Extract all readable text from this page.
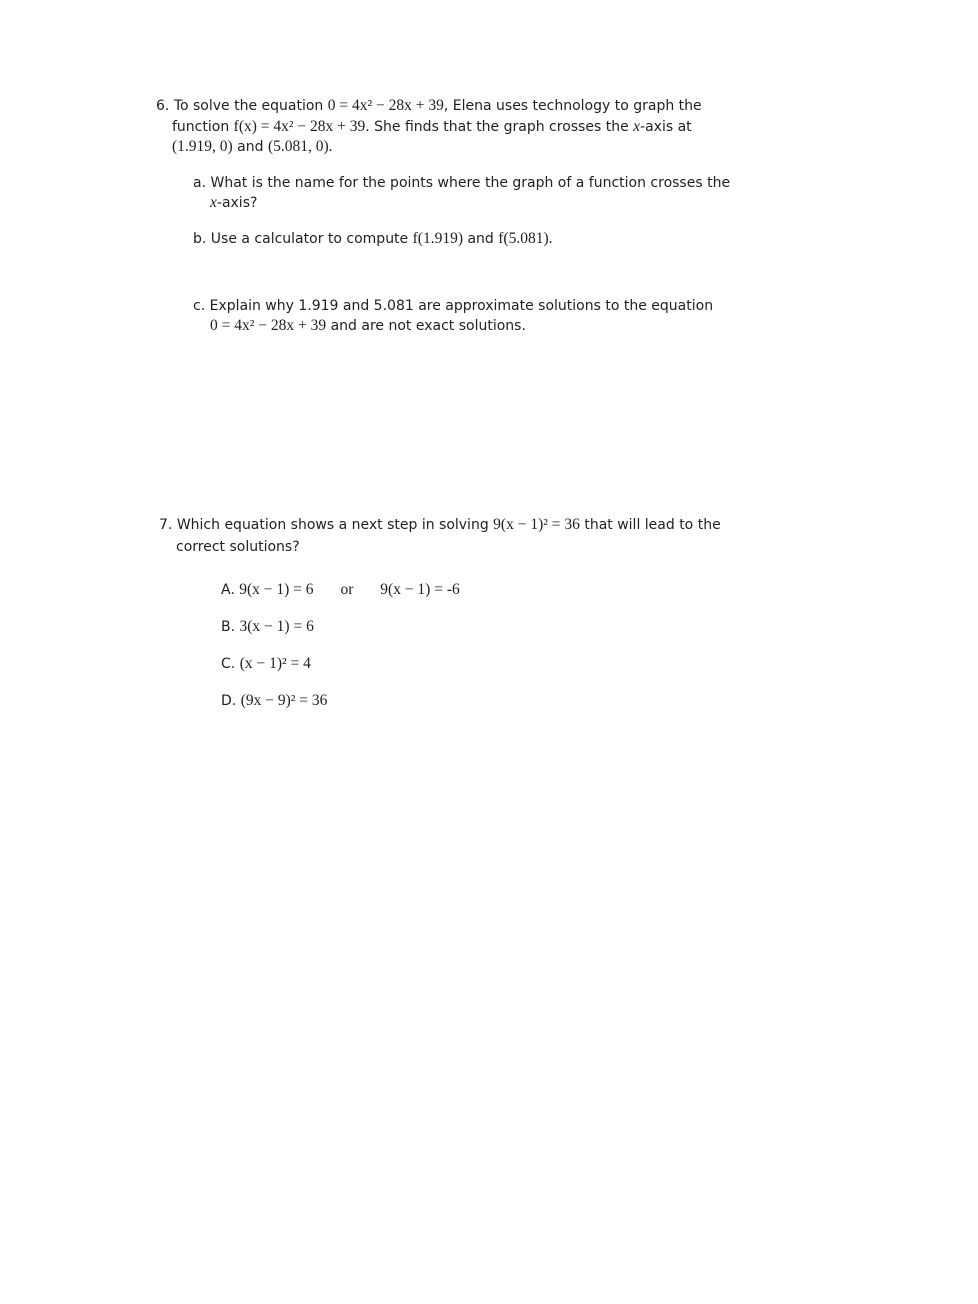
6. To solve the equation 0 = 4x² − 28x + 39, Elena uses technology to graph the
function f(x) = 4x² − 28x + 39. She finds that the graph crosses the x-axis at
(1.919, 0) and (5.081, 0).
a. What is the name for the points where the graph of a function crosses the
x-axis?
b. Use a calculator to compute f(1.919) and f(5.081).
c. Explain why 1.919 and 5.081 are approximate solutions to the equation
0 = 4x² − 28x + 39 and are not exact solutions.
7. Which equation shows a next step in solving 9(x − 1)² = 36 that will lead to the
correct solutions?
A. 9(x − 1) = 6 or 9(x − 1) = -6
B. 3(x − 1) = 6
C. (x − 1)² = 4
D. (9x − 9)² = 36
